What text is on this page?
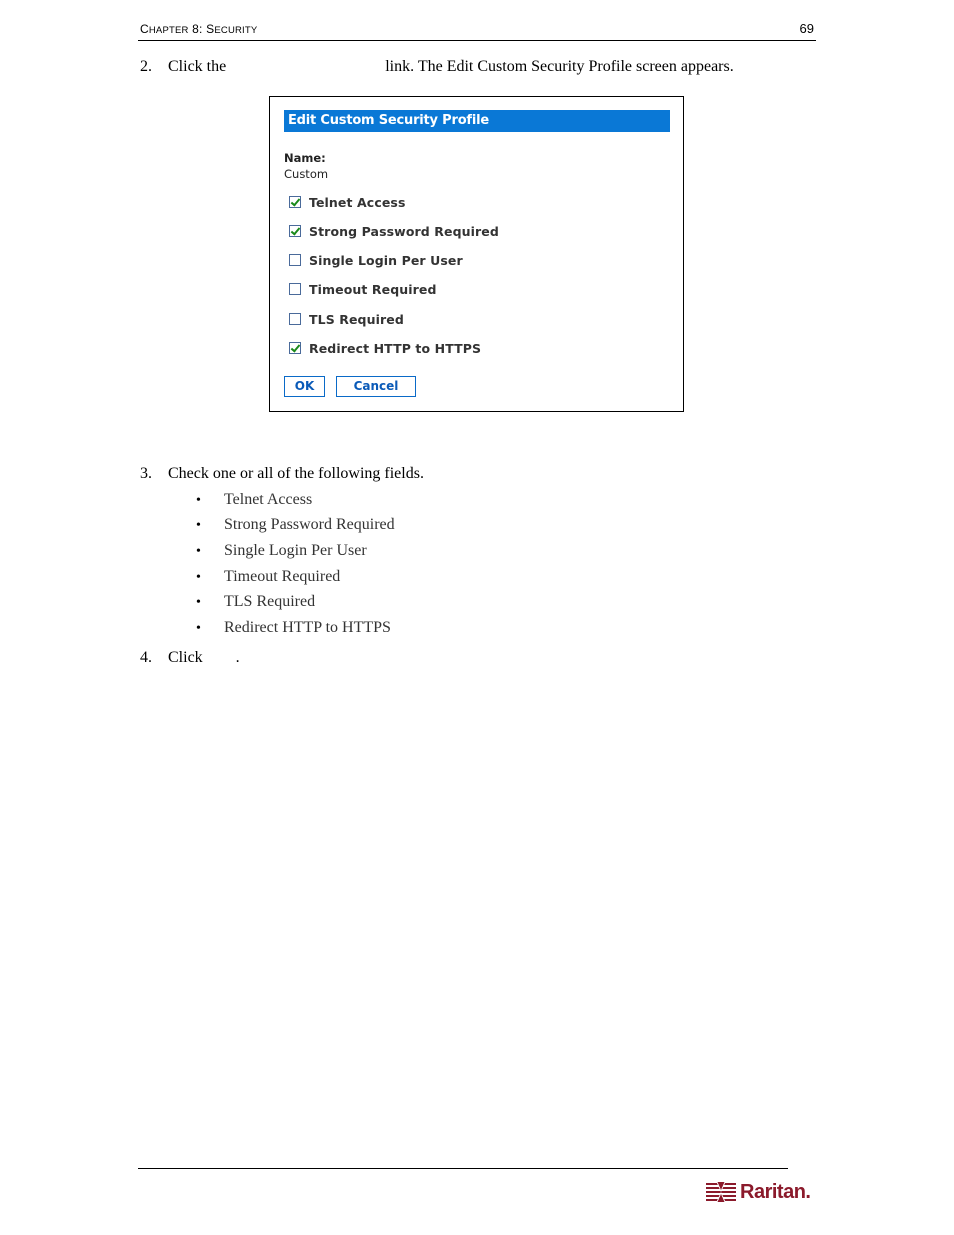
CHAPTER 8: SECURITY	69
2. Click the	link. The Edit Custom Security Profile screen appears.
Edit Custom Security Profile
Name:
Custom
Telnet Access
Strong Password Required
Single Login Per User
Timeout Required
TLS Required
Redirect HTTP to HTTPS
OK	Cancel
3. Check one or all of the following fields.
• Telnet Access
• Strong Password Required
• Single Login Per User
• Timeout Required
• TLS Required
• Redirect HTTP to HTTPS
4. Click .
Raritan.
